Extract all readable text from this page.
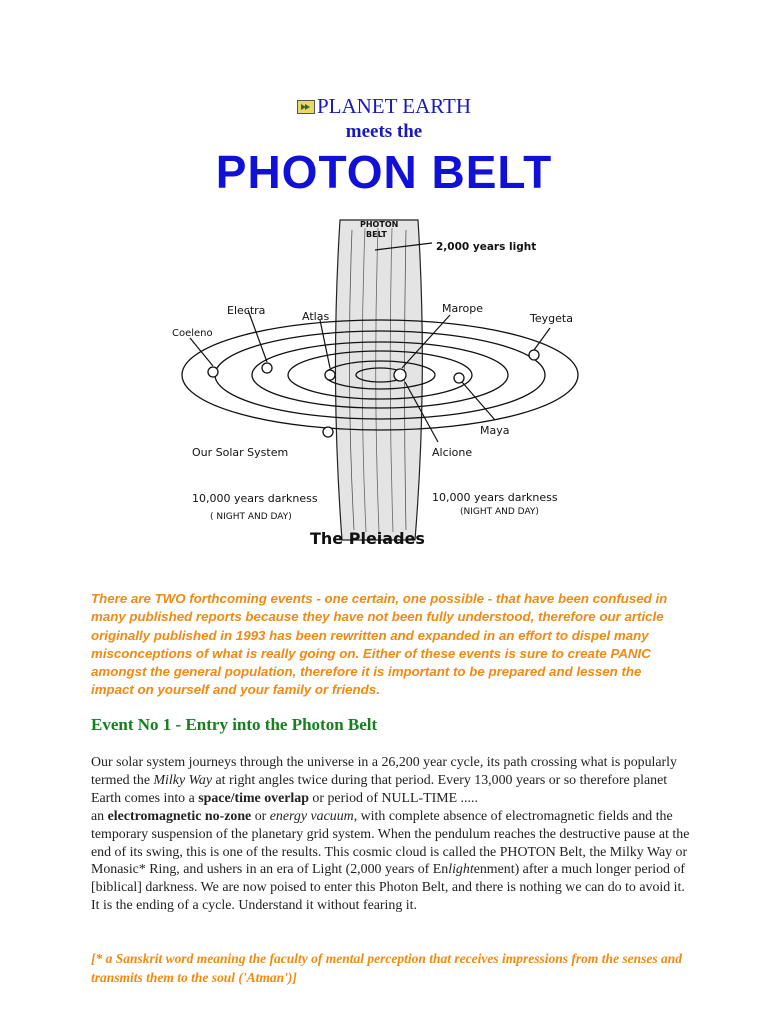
PLANET EARTH
meets the
PHOTON BELT
PHOTON
BELT
2,000 years light
Electra	Atlas
Marope
Teygeta
Coeleno
Maya
Our Solar System	Alcione
10,000 years darkness
( NIGHT AND DAY)
10,000 years darkness
(NIGHT AND DAY)
The Pleiades

There are TWO forthcoming events - one certain, one possible - that have been confused in many published reports because they have not been fully understood, therefore our article originally published in 1993 has been rewritten and expanded in an effort to dispel many misconceptions of what is really going on. Either of these events is sure to create PANIC amongst the general population, therefore it is important to be prepared and lessen the impact on yourself and your family or friends.

Event No 1 - Entry into the Photon Belt

Our solar system journeys through the universe in a 26,200 year cycle, its path crossing what is popularly termed the Milky Way at right angles twice during that period. Every 13,000 years or so therefore planet Earth comes into a space/time overlap or period of NULL-TIME .....
an electromagnetic no-zone or energy vacuum, with complete absence of electromagnetic fields and the temporary suspension of the planetary grid system. When the pendulum reaches the destructive pause at the end of its swing, this is one of the results. This cosmic cloud is called the PHOTON Belt, the Milky Way or Monasic* Ring, and ushers in an era of Light (2,000 years of Enlightenment) after a much longer period of [biblical] darkness. We are now poised to enter this Photon Belt, and there is nothing we can do to avoid it. It is the ending of a cycle. Understand it without fearing it.

[* a Sanskrit word meaning the faculty of mental perception that receives impressions from the senses and transmits them to the soul ('Atman')]
